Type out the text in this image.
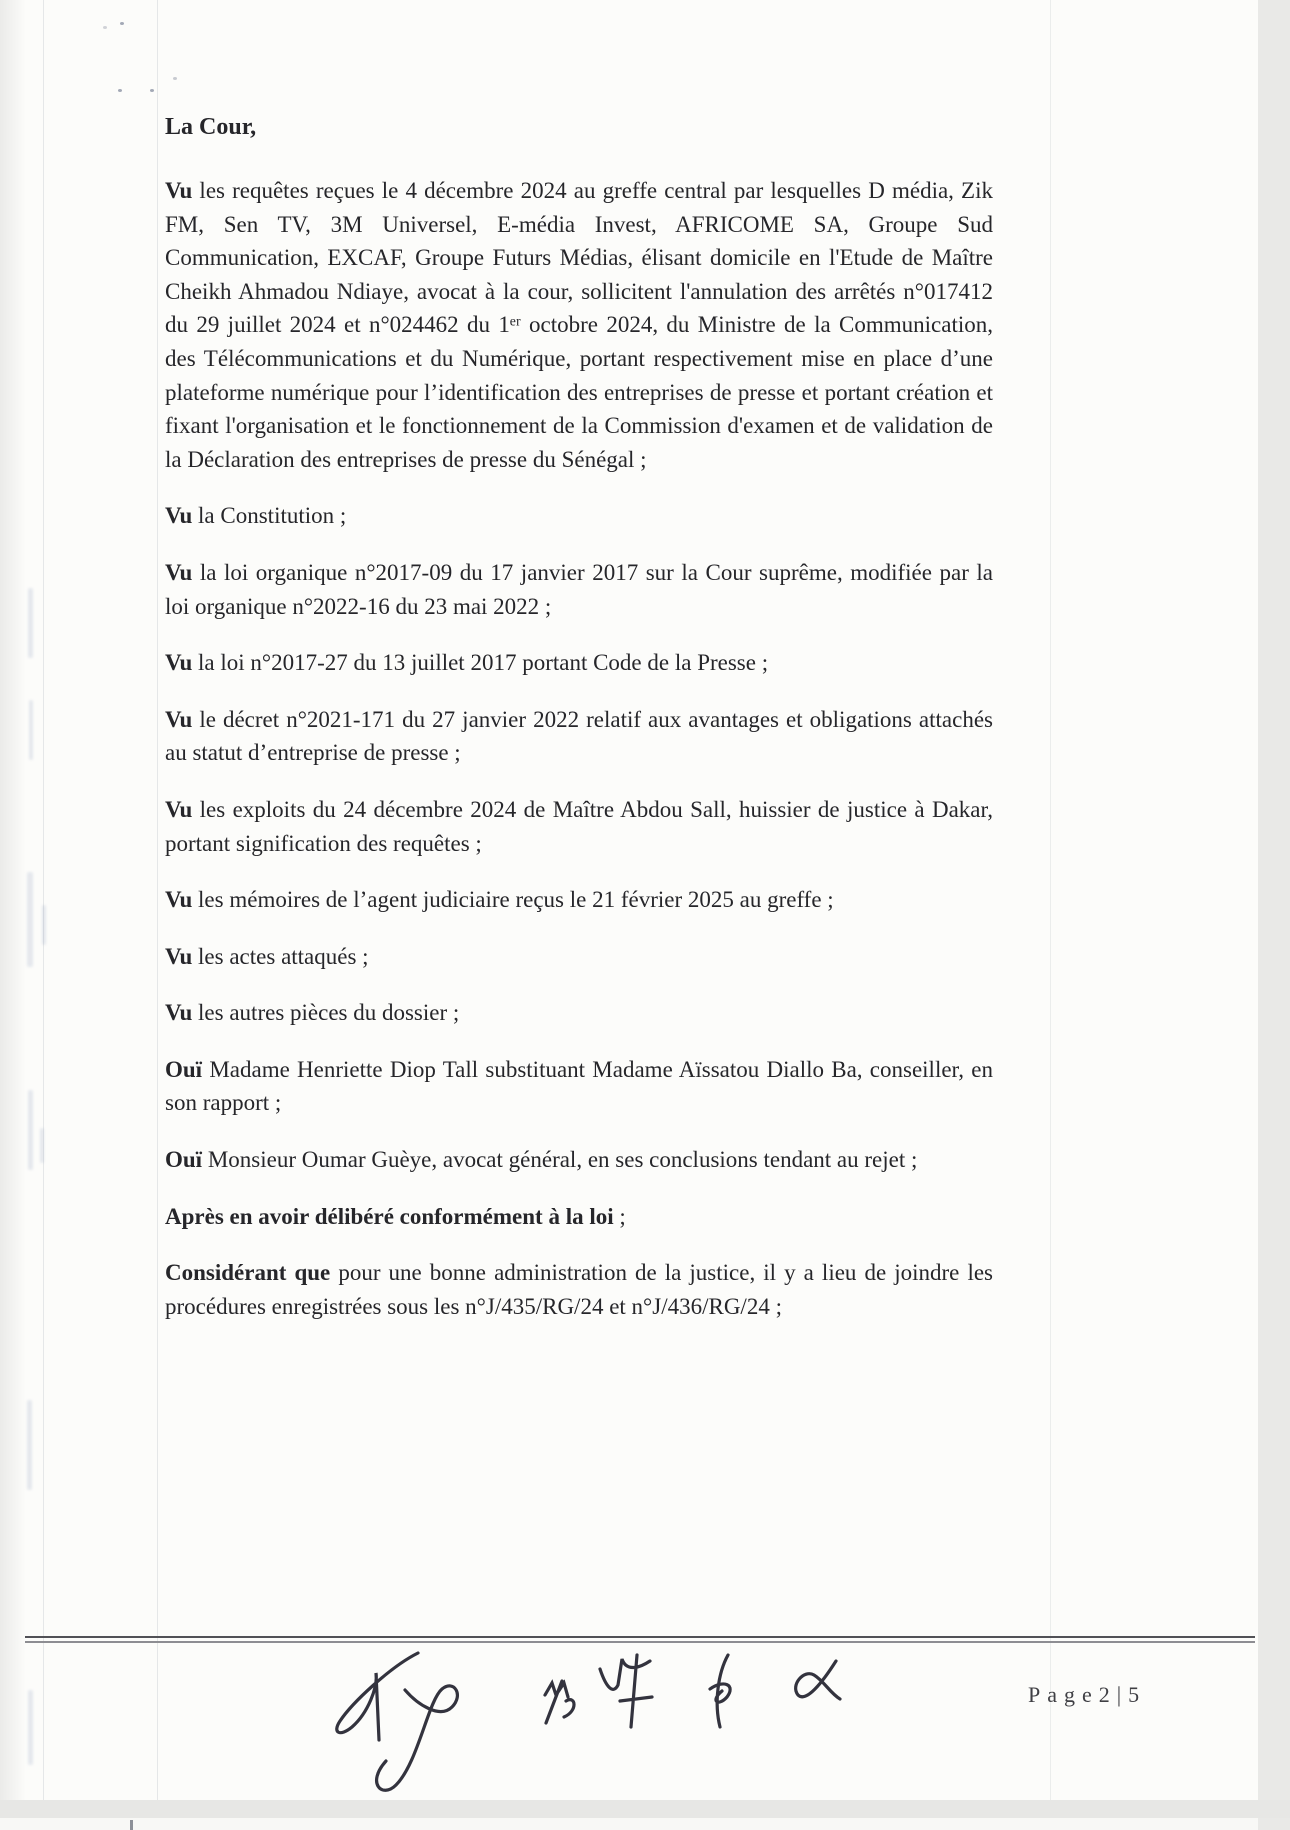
La Cour,

Vu les requêtes reçues le 4 décembre 2024 au greffe central par lesquelles D média, Zik FM, Sen TV, 3M Universel, E-média Invest, AFRICOME SA, Groupe Sud Communication, EXCAF, Groupe Futurs Médias, élisant domicile en l'Etude de Maître Cheikh Ahmadou Ndiaye, avocat à la cour, sollicitent l'annulation des arrêtés n°017412 du 29 juillet 2024 et n°024462 du 1ᵉʳ octobre 2024, du Ministre de la Communication, des Télécommunications et du Numérique, portant respectivement mise en place d’une plateforme numérique pour l’identification des entreprises de presse et portant création et fixant l'organisation et le fonctionnement de la Commission d'examen et de validation de la Déclaration des entreprises de presse du Sénégal ;

Vu la Constitution ;

Vu la loi organique n°2017-09 du 17 janvier 2017 sur la Cour suprême, modifiée par la loi organique n°2022-16 du 23 mai 2022 ;

Vu la loi n°2017-27 du 13 juillet 2017 portant Code de la Presse ;

Vu le décret n°2021-171 du 27 janvier 2022 relatif aux avantages et obligations attachés au statut d’entreprise de presse ;

Vu les exploits du 24 décembre 2024 de Maître Abdou Sall, huissier de justice à Dakar, portant signification des requêtes ;

Vu les mémoires de l’agent judiciaire reçus le 21 février 2025 au greffe ;

Vu les actes attaqués ;

Vu les autres pièces du dossier ;

Ouï Madame Henriette Diop Tall substituant Madame Aïssatou Diallo Ba, conseiller, en son rapport ;

Ouï Monsieur Oumar Guèye, avocat général, en ses conclusions tendant au rejet ;

Après en avoir délibéré conformément à la loi ;

Considérant que pour une bonne administration de la justice, il y a lieu de joindre les procédures enregistrées sous les n°J/435/RG/24 et n°J/436/RG/24 ;

Page2|5
